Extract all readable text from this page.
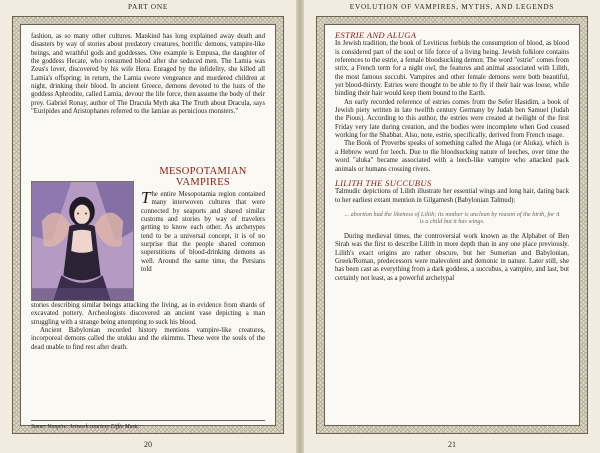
PART ONE

fashion, as so many other cultures. Mankind has long explained away death and disasters by way of stories about predatory creatures, horrific demons, vampire-like beings, and wrathful gods and goddesses. One example is Empusa, the daughter of the goddess Hecate, who consumed blood after she seduced men. The Lamia was Zeus's lover, discovered by his wife Hera. Enraged by the infidelity, she killed all Lamia's offspring; in return, the Lamia swore vengeance and murdered children at night, drinking their blood. In ancient Greece, demons devoted to the lusts of the goddess Aphrodite, called Lamia, devour the life force, then assume the body of their prey. Gabriel Ronay, author of The Dracula Myth aka The Truth about Dracula, says "Euripides and Aristophanes referred to the lamiae as pernicious monsters."

MESOPOTAMIAN
VAMPIRES
The entire Mesopotamia region contained many interwoven cultures that were connected by seaports and shared similar customs and stories by way of travelers getting to know each other. As archetypes tend to be a universal concept, it is of no surprise that the people shared common superstitions of blood-drinking demons as well. Around the same time, the Persians told

stories describing similar beings attacking the living, as in evidence from shards of excavated pottery. Archeologists discovered an ancient vase depicting a man struggling with a strange being attempting to suck his blood.

Ancient Babylonian recorded history mentions vampire-like creatures, incorporeal demons called the utukku and the ekimmu. These were the souls of the dead unable to find rest after death.

Sumer Vampire. Artwork courtesy Eiffie Music
20
EVOLUTION OF VAMPIRES, MYTHS, AND LEGENDS
ESTRIE AND ALUGA

In Jewish tradition, the book of Leviticus forbids the consumption of blood, as blood is considered part of the soul or life force of a living being. Jewish folklore contains references to the estrie, a female bloodsucking demon. The word "estrie" comes from strix, a French term for a night owl, the features and animal associated with Lilith, the most famous succubi. Vampires and other female demons were both beautiful, yet blood-thirsty. Estries were thought to be able to fly if their hair was loose, while binding their hair would keep them bound to the Earth.

An early recorded reference of estries comes from the Sefer Hasidim, a book of Jewish piety written in late twelfth century Germany by Judah ben Samuel (Judah the Pious). According to this author, the estries were created at twilight of the first Friday very late during creation, and the bodies were incomplete when God ceased working for the Shabbat. Also, note, estrie, specifically, derived from French usage.

The Book of Proverbs speaks of something called the Aluga (or Aluka), which is a Hebrew word for leech. Due to the bloodsucking nature of leeches, over time the word "aluka" became associated with a leech-like vampire who attacked pack animals or humans crossing rivers.

LILITH THE SUCCUBUS

Talmudic depictions of Lilith illustrate her essential wings and long hair, dating back to her earliest extant mention in Gilgamesh (Babylonian Talmud):

... abortion had the likeness of Lilith; its mother is unclean by reason of the birth, for it is a child but it has wings.

During medieval times, the controversial work known as the Alphabet of Ben Sirah was the first to describe Lilith in more depth than in any one place previously. Lilith's exact origins are rather obscure, but her Sumerian and Babylonian, Greek/Roman, predecessors were malevolent and demonic in nature. Later still, she has been cast as everything from a dark goddess, a succubus, a vampire, and last, but certainly not least, as a powerful archetypal

21
